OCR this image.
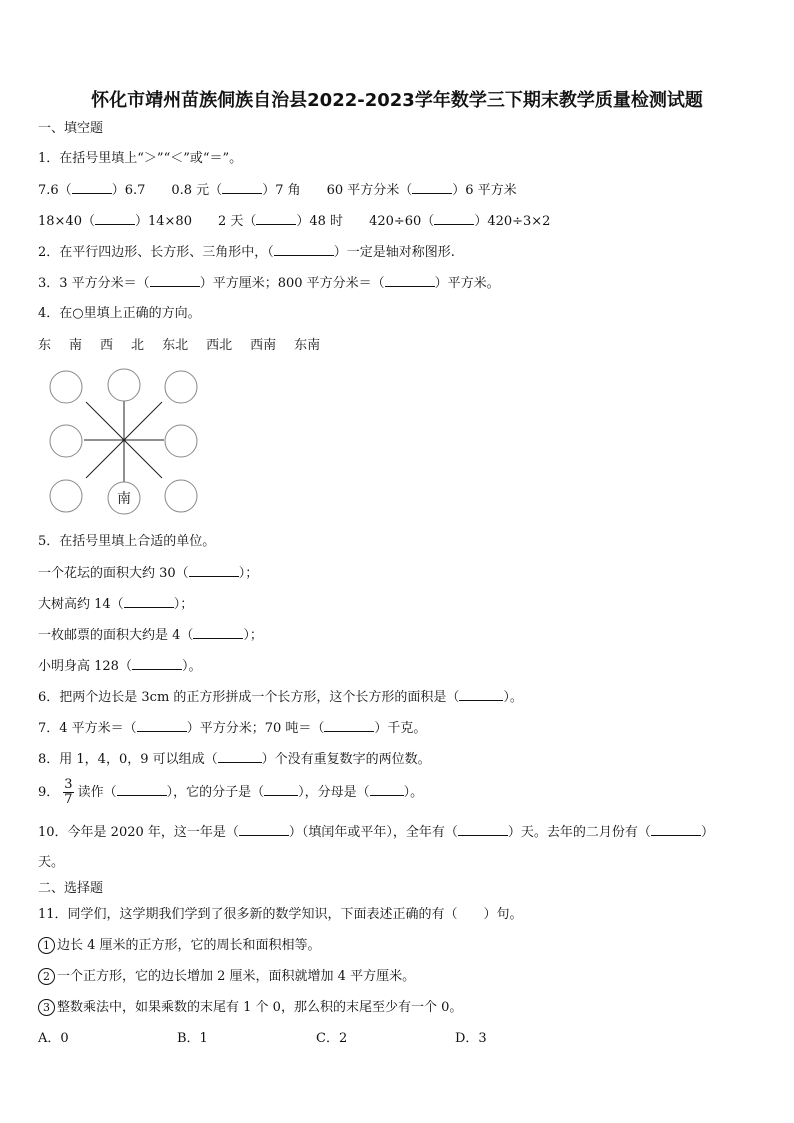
怀化市靖州苗族侗族自治县2022-2023学年数学三下期末教学质量检测试题
一、填空题
1．在括号里填上“＞”“＜”或“＝”。
7.6（	）6.7 0.8 元（	）7 角 60 平方分米（	）6 平方米
18×40（	）14×80 2 天（	）48 时 420÷60（	）420÷3×2
2．在平行四边形、长方形、三角形中，（	）一定是轴对称图形.
3．3 平方分米＝（	）平方厘米；800 平方分米＝（	）平方米。
4．在○里填上正确的方向。
东 南 西 北 东北 西北 西南 东南
南
5．在括号里填上合适的单位。
一个花坛的面积大约 30（	）；
大树高约 14（	）；
一枚邮票的面积大约是 4（	）；
小明身高 128（	）。
6．把两个边长是 3cm 的正方形拼成一个长方形，这个长方形的面积是（	）。
7．4 平方米＝（	）平方分米；70 吨＝（	）千克。
8．用 1，4，0，9 可以组成（	）个没有重复数字的两位数。
9． $\frac{3}{7}$ 读作（	），它的分子是（	），分母是（	）。
10．今年是 2020 年，这一年是（	）（填闰年或平年），全年有（	）天。去年的二月份有（	）
天。
二、选择题
11．同学们，这学期我们学到了很多新的数学知识，下面表述正确的有（　　）句。
1 边长 4 厘米的正方形，它的周长和面积相等。
2 一个正方形，它的边长增加 2 厘米，面积就增加 4 平方厘米。
3 整数乘法中，如果乘数的末尾有 1 个 0，那么积的末尾至少有一个 0。
A．0	B．1	C．2	D．3
